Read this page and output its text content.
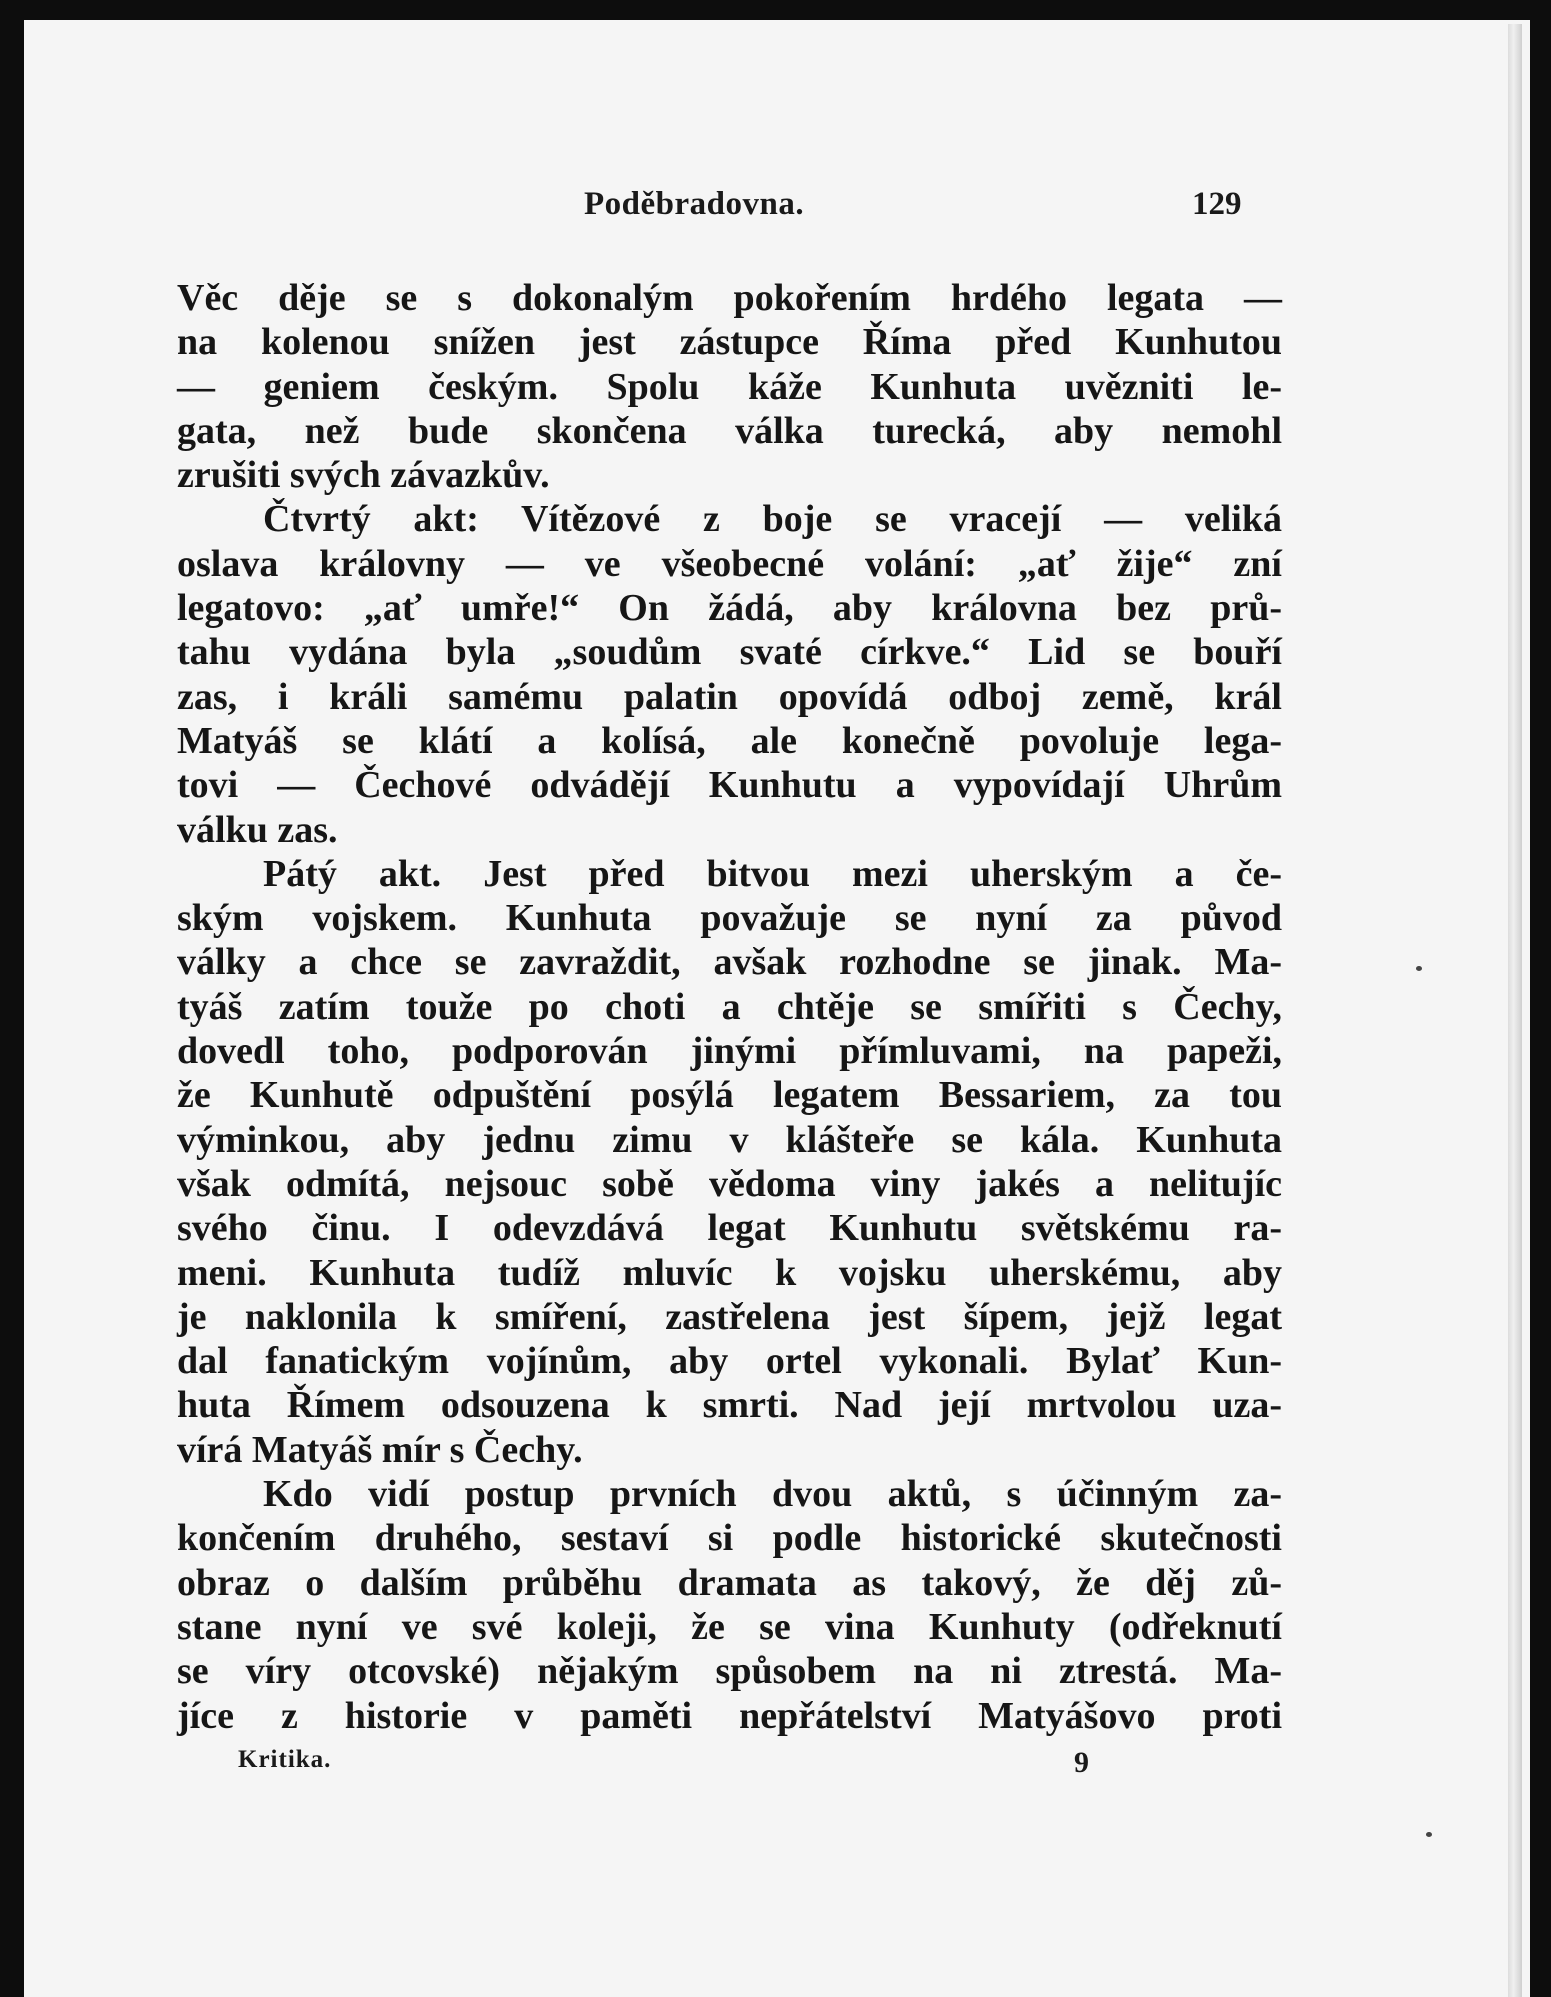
Poděbradovna.	129
Věc děje se s dokonalým pokořením hrdého legata —
na kolenou snížen jest zástupce Říma před Kunhutou
— geniem českým. Spolu káže Kunhuta uvězniti le-
gata, než bude skončena válka turecká, aby nemohl
zrušiti svých závazkův.
Čtvrtý akt: Vítězové z boje se vracejí — veliká
oslava královny — ve všeobecné volání: „ať žije“ zní
legatovo: „ať umře!“ On žádá, aby královna bez prů-
tahu vydána byla „soudům svaté církve.“ Lid se bouří
zas, i králi samému palatin opovídá odboj země, král
Matyáš se klátí a kolísá, ale konečně povoluje lega-
tovi — Čechové odvádějí Kunhutu a vypovídají Uhrům
válku zas.
Pátý akt. Jest před bitvou mezi uherským a če-
ským vojskem. Kunhuta považuje se nyní za původ
války a chce se zavraždit, avšak rozhodne se jinak. Ma-
tyáš zatím touže po choti a chtěje se smířiti s Čechy,
dovedl toho, podporován jinými přímluvami, na papeži,
že Kunhutě odpuštění posýlá legatem Bessariem, za tou
výminkou, aby jednu zimu v klášteře se kála. Kunhuta
však odmítá, nejsouc sobě vědoma viny jakés a nelitujíc
svého činu. I odevzdává legat Kunhutu světskému ra-
meni. Kunhuta tudíž mluvíc k vojsku uherskému, aby
je naklonila k smíření, zastřelena jest šípem, jejž legat
dal fanatickým vojínům, aby ortel vykonali. Bylať Kun-
huta Římem odsouzena k smrti. Nad její mrtvolou uza-
vírá Matyáš mír s Čechy.
Kdo vidí postup prvních dvou aktů, s účinným za-
končením druhého, sestaví si podle historické skutečnosti
obraz o dalším průběhu dramata as takový, že děj zů-
stane nyní ve své koleji, že se vina Kunhuty (odřeknutí
se víry otcovské) nějakým spůsobem na ni ztrestá. Ma-
jíce z historie v paměti nepřátelství Matyášovo proti
Kritika.	9
